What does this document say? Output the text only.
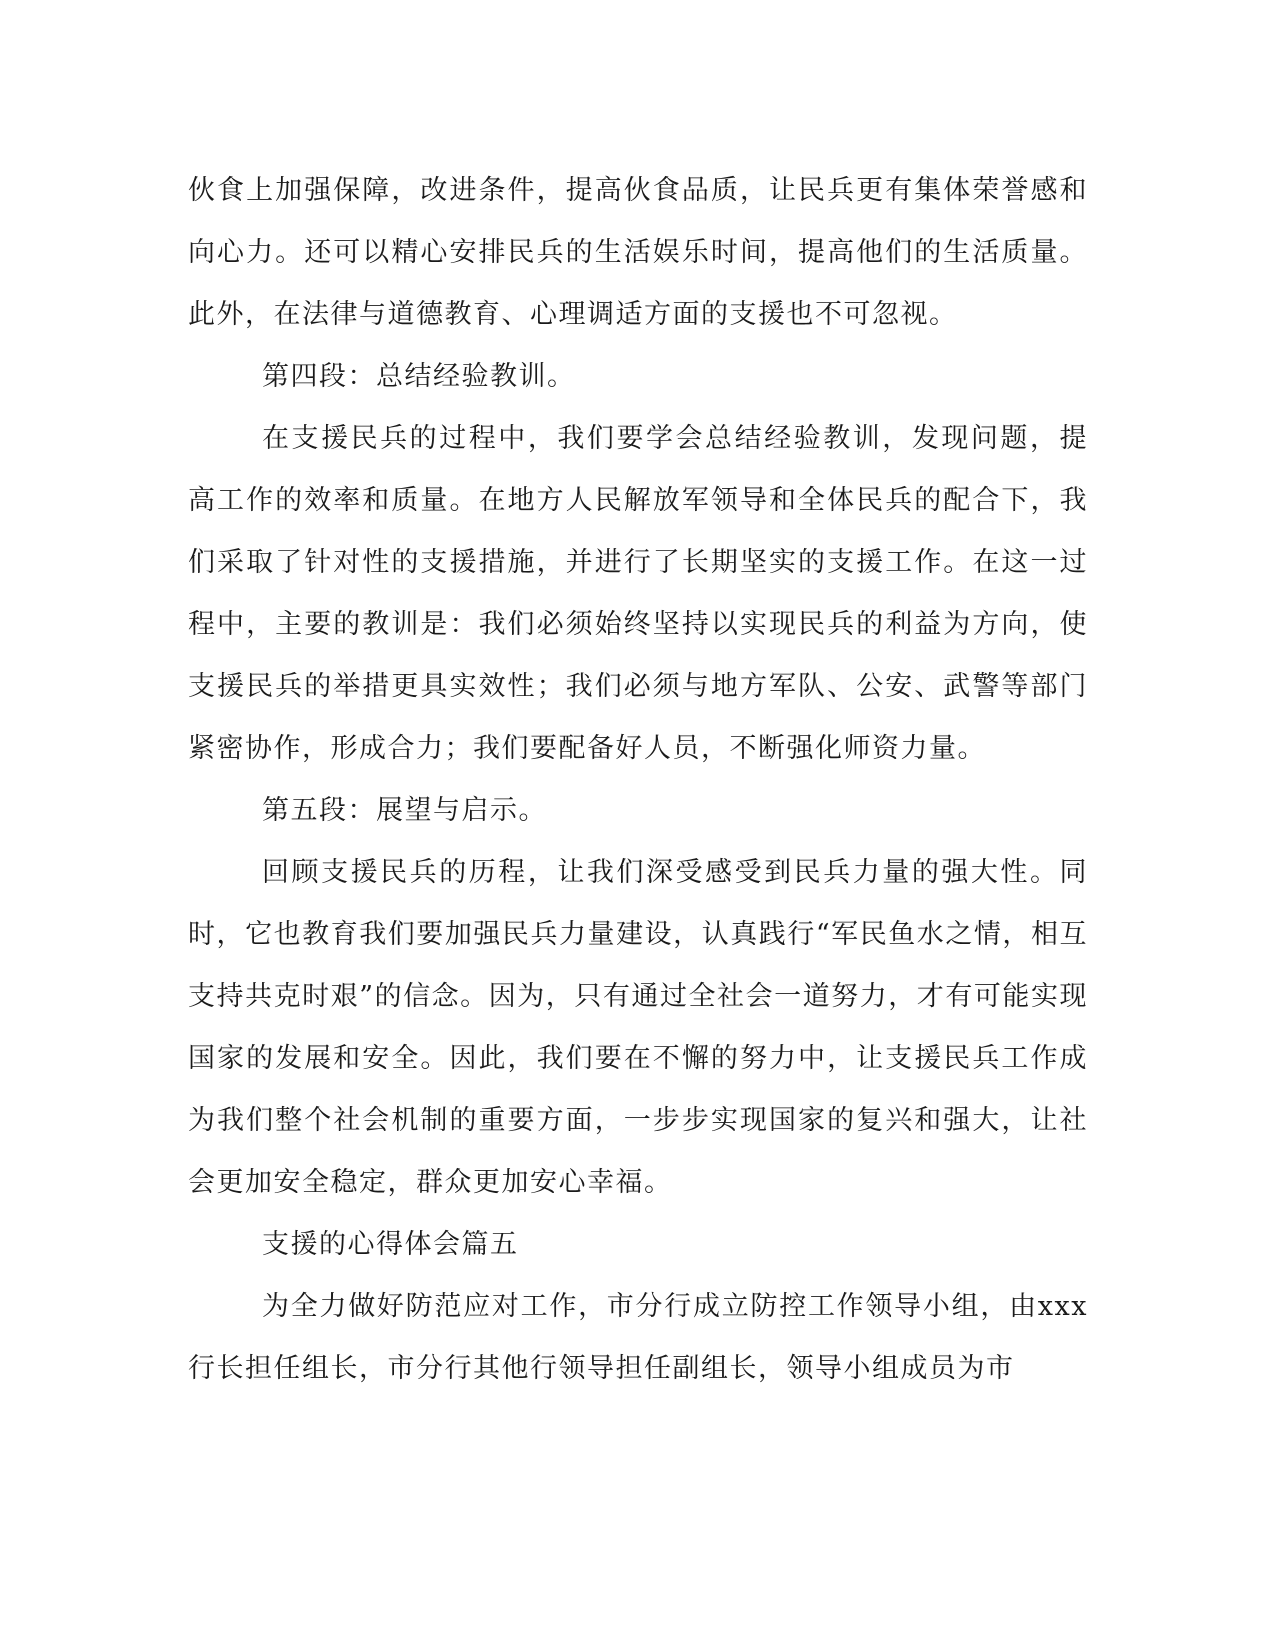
伙食上加强保障，改进条件，提高伙食品质，让民兵更有集体荣誉感和向心力。还可以精心安排民兵的生活娱乐时间，提高他们的生活质量。此外，在法律与道德教育、心理调适方面的支援也不可忽视。

第四段：总结经验教训。

在支援民兵的过程中，我们要学会总结经验教训，发现问题，提高工作的效率和质量。在地方人民解放军领导和全体民兵的配合下，我们采取了针对性的支援措施，并进行了长期坚实的支援工作。在这一过程中，主要的教训是：我们必须始终坚持以实现民兵的利益为方向，使支援民兵的举措更具实效性；我们必须与地方军队、公安、武警等部门紧密协作，形成合力；我们要配备好人员，不断强化师资力量。

第五段：展望与启示。

回顾支援民兵的历程，让我们深受感受到民兵力量的强大性。同时，它也教育我们要加强民兵力量建设，认真践行“军民鱼水之情，相互支持共克时艰”的信念。因为，只有通过全社会一道努力，才有可能实现国家的发展和安全。因此，我们要在不懈的努力中，让支援民兵工作成为我们整个社会机制的重要方面，一步步实现国家的复兴和强大，让社会更加安全稳定，群众更加安心幸福。

支援的心得体会篇五

为全力做好防范应对工作，市分行成立防控工作领导小组，由xxx行长担任组长，市分行其他行领导担任副组长，领导小组成员为市
